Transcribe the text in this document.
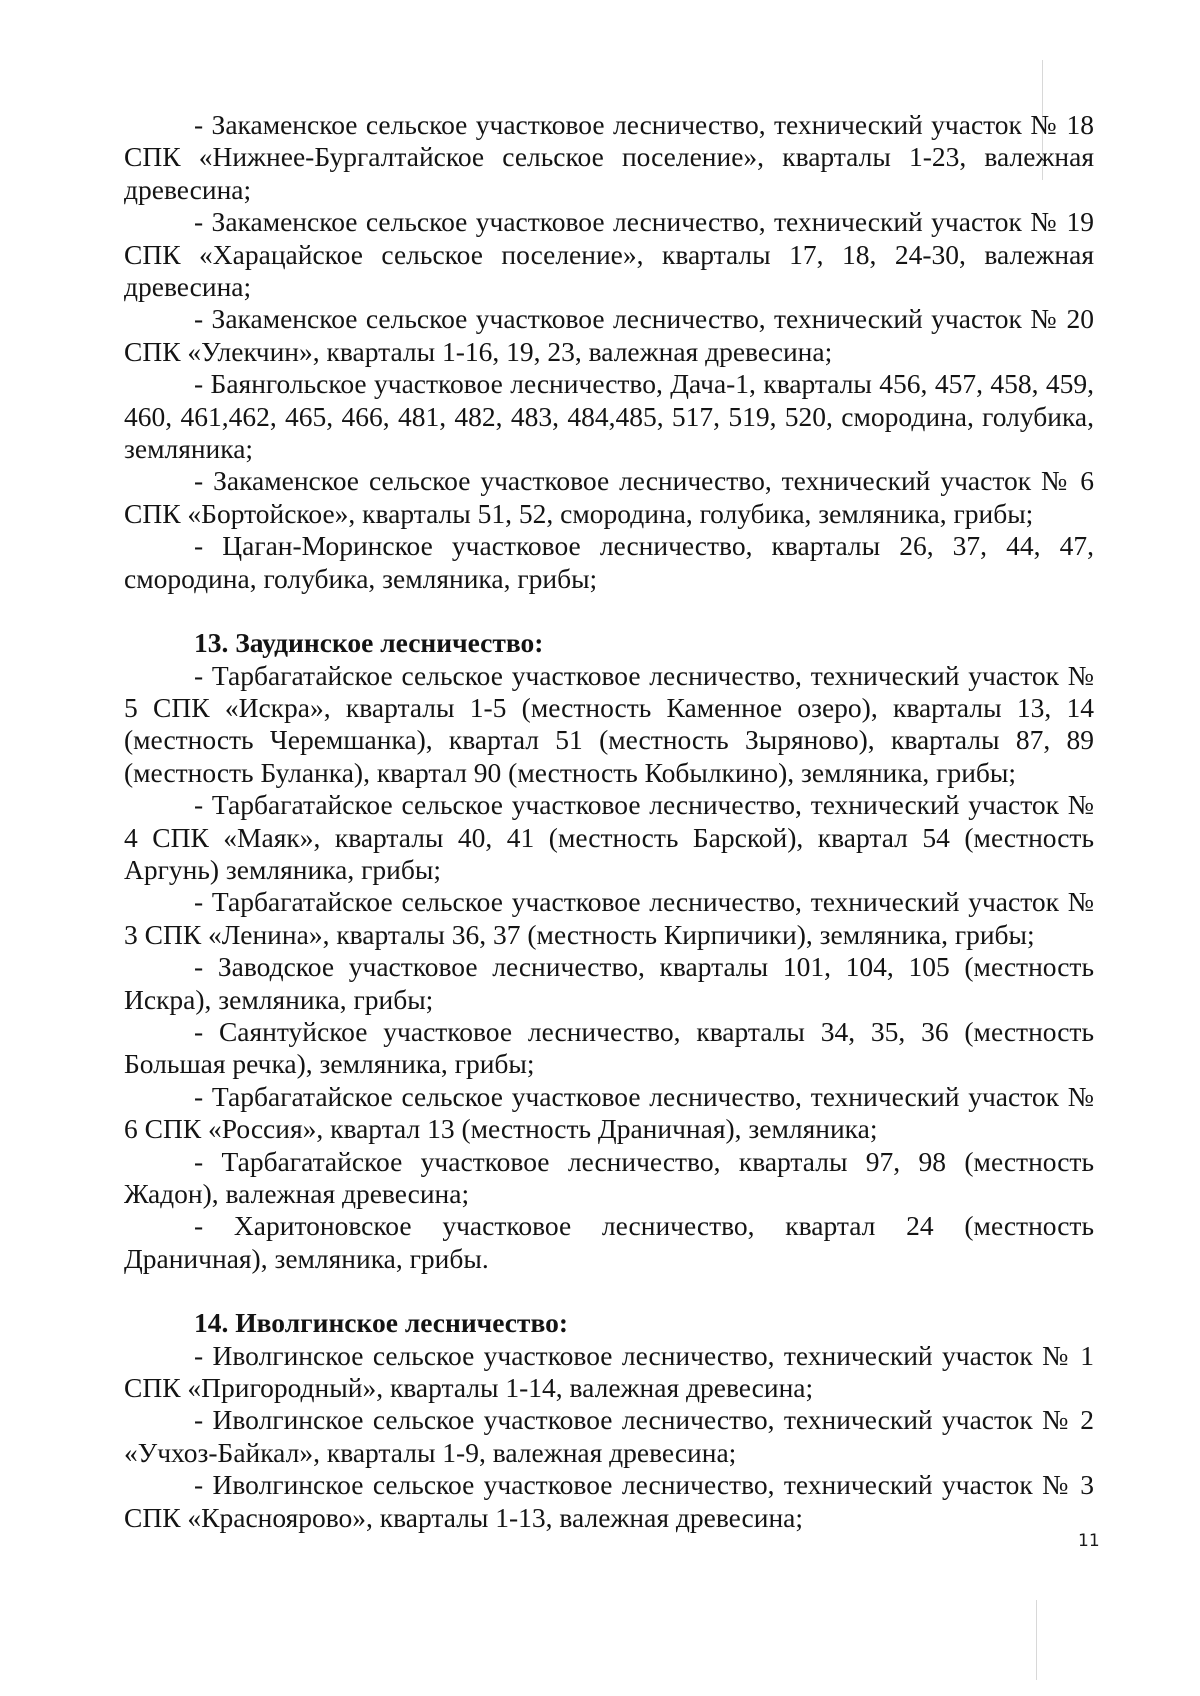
- Закаменское сельское участковое лесничество, технический участок № 18 СПК «Нижнее-Бургалтайское сельское поселение», кварталы 1-23, валежная древесина;

- Закаменское сельское участковое лесничество, технический участок № 19 СПК «Харацайское сельское поселение», кварталы 17, 18, 24-30, валежная древесина;

- Закаменское сельское участковое лесничество, технический участок № 20 СПК «Улекчин», кварталы 1-16, 19, 23, валежная древесина;

- Баянгольское участковое лесничество, Дача-1, кварталы 456, 457, 458, 459, 460, 461,462, 465, 466, 481, 482, 483, 484,485, 517, 519, 520, смородина, голубика, земляника;

- Закаменское сельское участковое лесничество, технический участок № 6 СПК «Бортойское», кварталы 51, 52, смородина, голубика, земляника, грибы;

- Цаган-Моринское участковое лесничество, кварталы 26, 37, 44, 47, смородина, голубика, земляника, грибы;

13. Заудинское лесничество:

- Тарбагатайское сельское участковое лесничество, технический участок № 5 СПК «Искра», кварталы 1-5 (местность Каменное озеро), кварталы 13, 14 (местность Черемшанка), квартал 51 (местность Зыряново), кварталы 87, 89 (местность Буланка), квартал 90 (местность Кобылкино), земляника, грибы;

- Тарбагатайское сельское участковое лесничество, технический участок № 4 СПК «Маяк», кварталы 40, 41 (местность Барской), квартал 54 (местность Аргунь) земляника, грибы;

- Тарбагатайское сельское участковое лесничество, технический участок № 3 СПК «Ленина», кварталы 36, 37 (местность Кирпичики), земляника, грибы;

- Заводское участковое лесничество, кварталы 101, 104, 105 (местность Искра), земляника, грибы;

- Саянтуйское участковое лесничество, кварталы 34, 35, 36 (местность Большая речка), земляника, грибы;

- Тарбагатайское сельское участковое лесничество, технический участок № 6 СПК «Россия», квартал 13 (местность Драничная), земляника;

- Тарбагатайское участковое лесничество, кварталы 97, 98 (местность Жадон), валежная древесина;

- Харитоновское участковое лесничество, квартал 24 (местность Драничная), земляника, грибы.

14. Иволгинское лесничество:

- Иволгинское сельское участковое лесничество, технический участок № 1 СПК «Пригородный», кварталы 1-14, валежная древесина;

- Иволгинское сельское участковое лесничество, технический участок № 2 «Учхоз-Байкал», кварталы 1-9, валежная древесина;

- Иволгинское сельское участковое лесничество, технический участок № 3 СПК «Красноярово», кварталы 1-13, валежная древесина;

11
